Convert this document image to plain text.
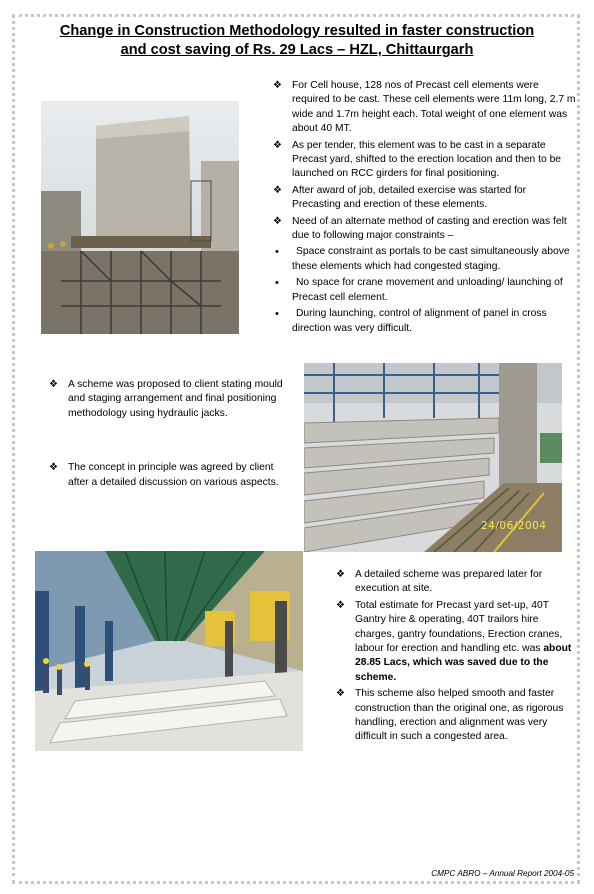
Change in Construction Methodology resulted in faster construction
and cost saving of Rs. 29 Lacs – HZL, Chittaurgarh
❖ For Cell house, 128 nos of Precast cell elements were required to be cast. These cell elements were 11m long, 2.7 m wide and 1.7m height each. Total weight of one element was about 40 MT.
❖ As per tender, this element was to be cast in a separate Precast yard, shifted to the erection location and then to be launched on RCC girders for final positioning.
❖ After award of job, detailed exercise was started for Precasting and erection of these elements.
❖ Need of an alternate method of casting and erection was felt due to following major constraints –
•	Space constraint as portals to be cast simultaneously above these elements which had congested staging.
•	No space for crane movement and unloading/ launching of Precast cell element.
•	During launching, control of alignment of panel in cross direction was very difficult.
❖ A scheme was proposed to client stating mould and staging arrangement and final positioning methodology using hydraulic jacks.
❖ The concept in principle was agreed by client after a detailed discussion on various aspects.
24/06/2004
❖ A detailed scheme was prepared later for execution at site.
❖ Total estimate for Precast yard set-up, 40T Gantry hire & operating, 40T trailors hire charges, gantry foundations, Erection cranes, labour for erection and handling etc. was about 28.85 Lacs, which was saved due to the scheme.
❖ This scheme also helped smooth and faster construction than the original one, as rigorous handling, erection and alignment was very difficult in such a congested area.
CMPC ABRO – Annual Report 2004-05
